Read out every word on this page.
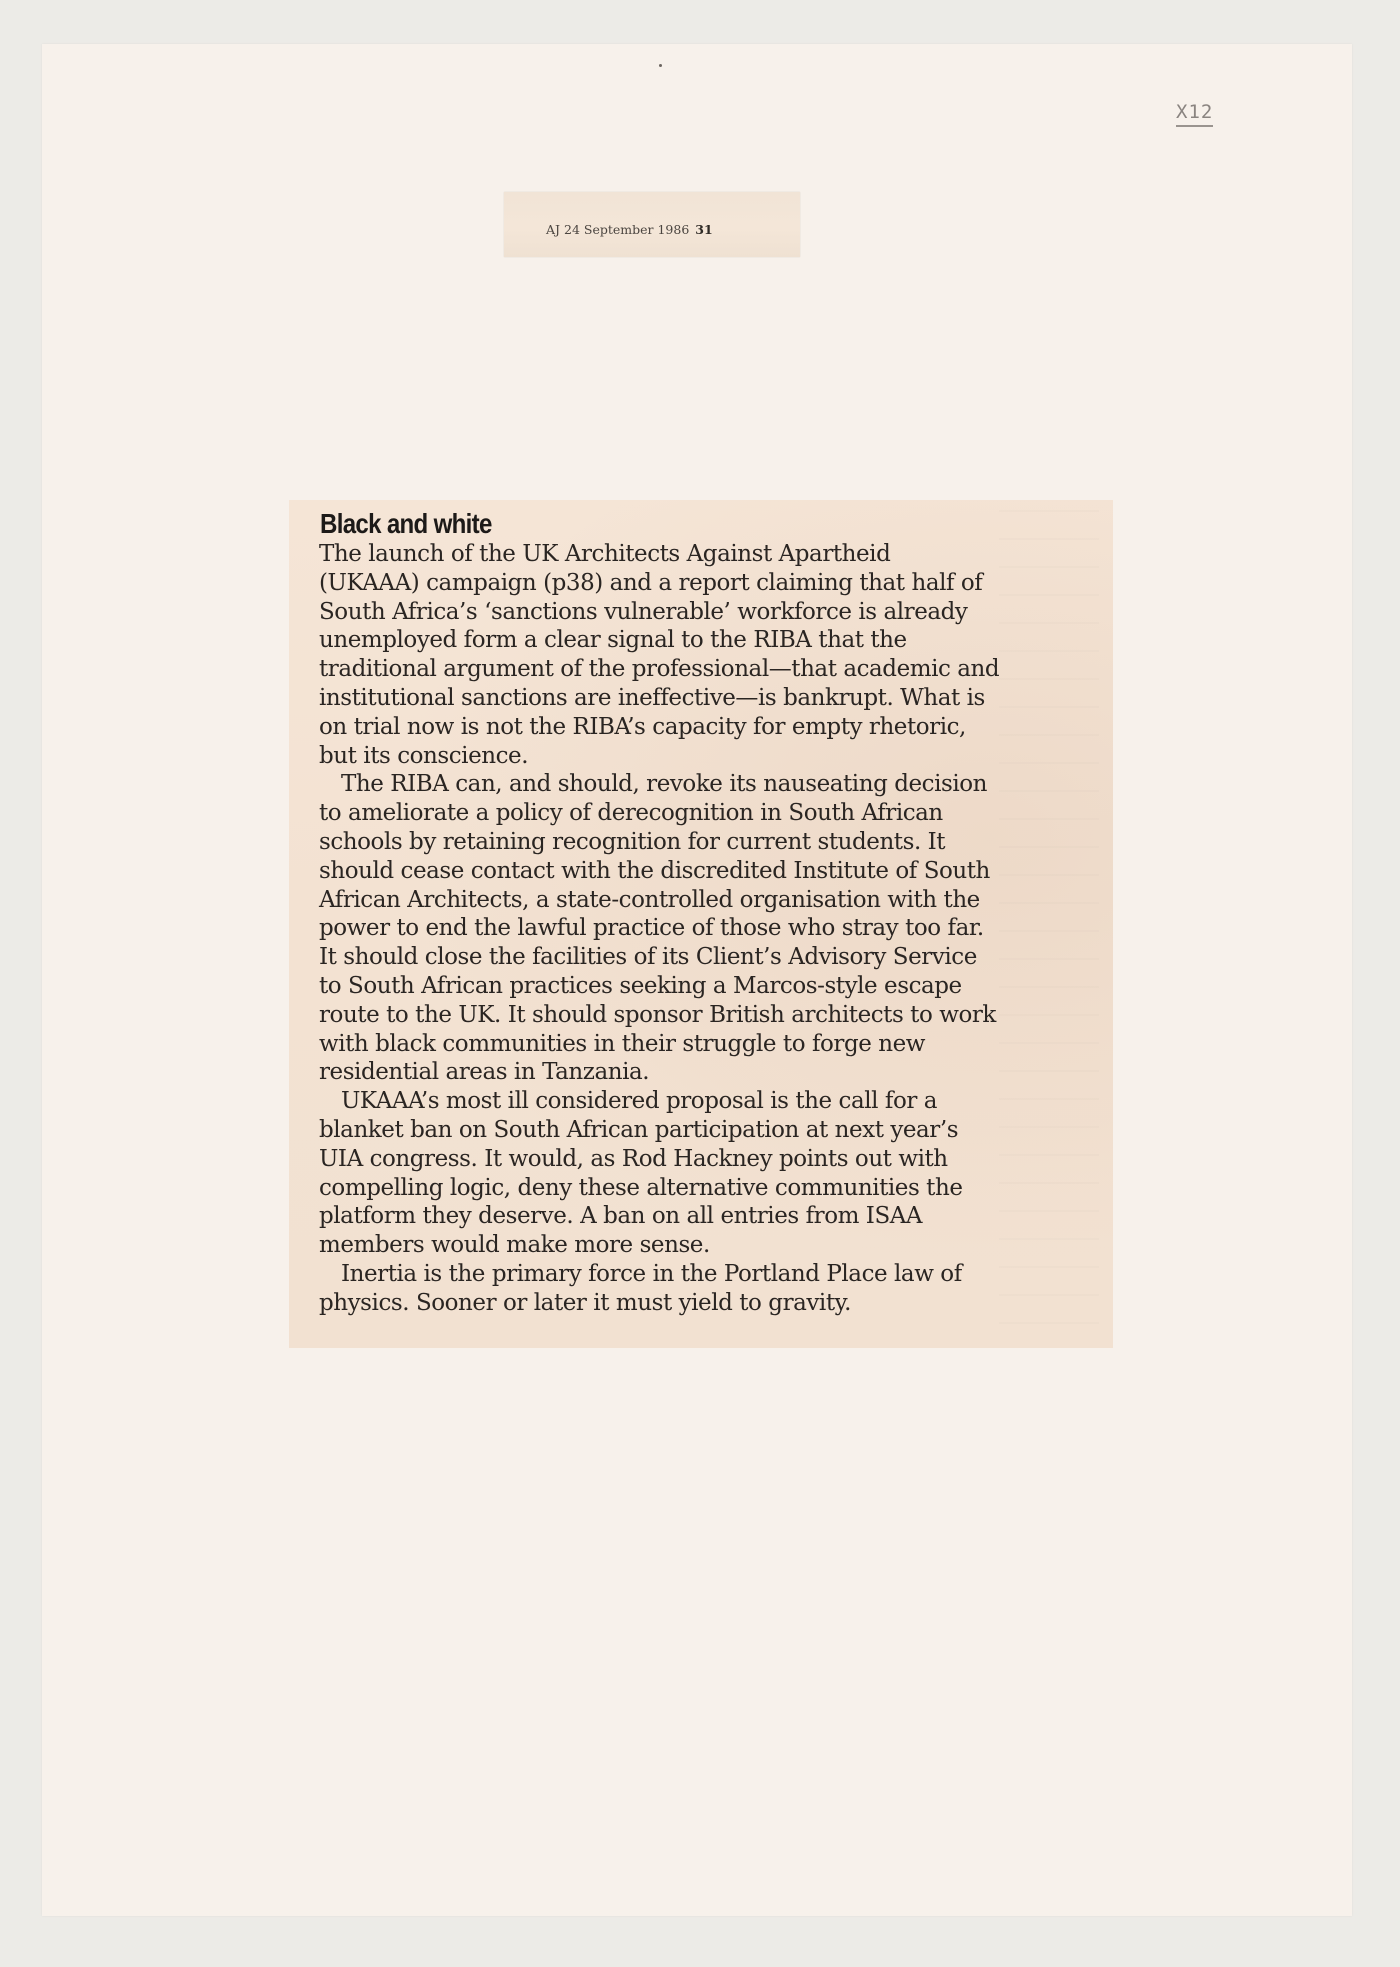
X12
AJ 24 September 1986 31
Black and white

The launch of the UK Architects Against Apartheid
(UKAAA) campaign (p38) and a report claiming that half of
South Africa’s ‘sanctions vulnerable’ workforce is already
unemployed form a clear signal to the RIBA that the
traditional argument of the professional—that academic and
institutional sanctions are ineffective—is bankrupt. What is
on trial now is not the RIBA’s capacity for empty rhetoric,
but its conscience.

The RIBA can, and should, revoke its nauseating decision
to ameliorate a policy of derecognition in South African
schools by retaining recognition for current students. It
should cease contact with the discredited Institute of South
African Architects, a state-controlled organisation with the
power to end the lawful practice of those who stray too far.
It should close the facilities of its Client’s Advisory Service
to South African practices seeking a Marcos-style escape
route to the UK. It should sponsor British architects to work
with black communities in their struggle to forge new
residential areas in Tanzania.

UKAAA’s most ill considered proposal is the call for a
blanket ban on South African participation at next year’s
UIA congress. It would, as Rod Hackney points out with
compelling logic, deny these alternative communities the
platform they deserve. A ban on all entries from ISAA
members would make more sense.

Inertia is the primary force in the Portland Place law of
physics. Sooner or later it must yield to gravity.
